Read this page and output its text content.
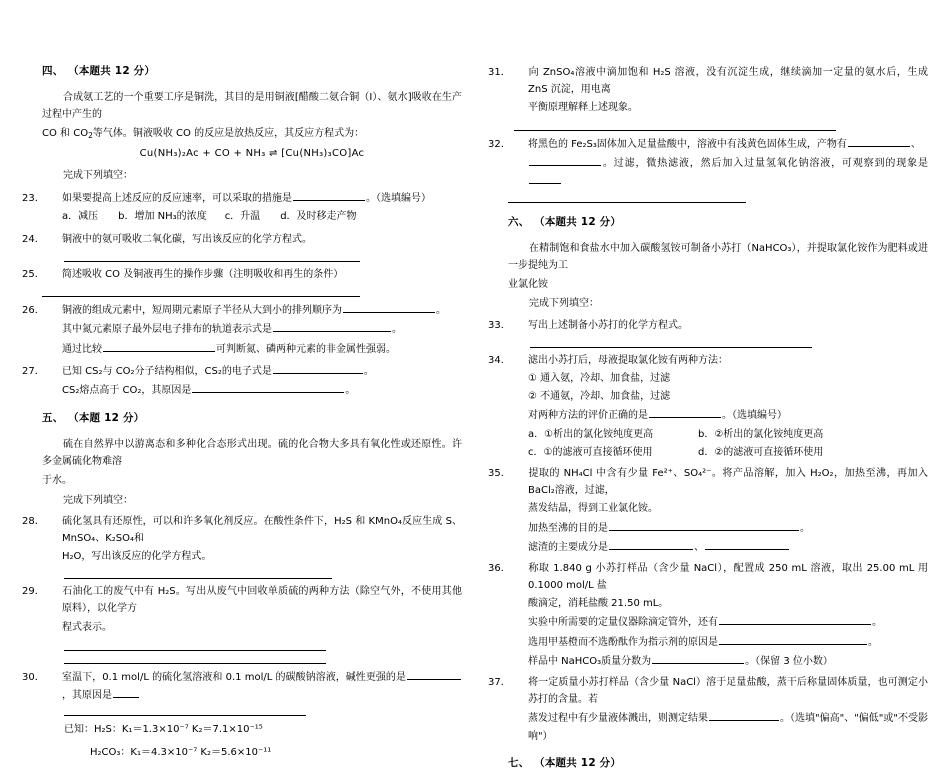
四、 （本题共 12 分）

合成氨工艺的一个重要工序是铜洗，其目的是用铜液[醋酸二氨合铜（Ⅰ）、氨水]吸收在生产过程中产生的

CO 和 $CO_2$等气体。铜液吸收 CO 的反应是放热反应，其反应方程式为：

Cu(NH₃)₂Ac + CO + NH₃ ⇌ [Cu(NH₃)₃CO]Ac

完成下列填空：

23． 如果要提高上述反应的反应速率，可以采取的措施是	。（选填编号）

a．减压 b．增加 NH₃的浓度 c．升温 d．及时移走产物

24． 铜液中的氨可吸收二氧化碳，写出该反应的化学方程式。

25． 简述吸收 CO 及铜液再生的操作步骤（注明吸收和再生的条件）

26． 铜液的组成元素中，短周期元素原子半径从大到小的排列顺序为	。

其中氮元素原子最外层电子排布的轨道表示式是	。

通过比较	可判断氮、磷两种元素的非金属性强弱。

27． 已知 CS₂与 CO₂分子结构相似，CS₂的电子式是	。

CS₂熔点高于 CO₂，其原因是	。

五、 （本题 12 分）

硫在自然界中以游离态和多种化合态形式出现。硫的化合物大多具有氧化性或还原性。许多金属硫化物难溶

于水。

完成下列填空：

28． 硫化氢具有还原性，可以和许多氧化剂反应。在酸性条件下，H₂S 和 KMnO₄反应生成 S、MnSO₄、K₂SO₄和

H₂O，写出该反应的化学方程式。

29． 石油化工的废气中有 H₂S。写出从废气中回收单质硫的两种方法（除空气外，不使用其他原料），以化学方

程式表示。

30． 室温下，0.1 mol/L 的硫化氢溶液和 0.1 mol/L 的碳酸钠溶液，碱性更强的是，其原因是

已知：H₂S：K₁＝1.3×10⁻⁷ K₂＝7.1×10⁻¹⁵

H₂CO₃：K₁＝4.3×10⁻⁷ K₂＝5.6×10⁻¹¹

31． 向 ZnSO₄溶液中滴加饱和 H₂S 溶液，没有沉淀生成，继续滴加一定量的氨水后，生成 ZnS 沉淀，用电离

平衡原理解释上述现象。

32． 将黑色的 Fe₂S₃固体加入足量盐酸中，溶液中有浅黄色固体生成，产物有	、

。过滤，微热滤液，然后加入过量氢氧化钠溶液，可观察到的现象是

六、 （本题共 12 分）

在精制饱和食盐水中加入碳酸氢铵可制备小苏打（NaHCO₃），并提取氯化铵作为肥料或进一步提纯为工

业氯化铵

完成下列填空：

33． 写出上述制备小苏打的化学方程式。

34． 滤出小苏打后，母液提取氯化铵有两种方法：

① 通入氨，冷却、加食盐，过滤

② 不通氨，冷却、加食盐，过滤

对两种方法的评价正确的是	。（选填编号）

a．①析出的氯化铵纯度更高	b．②析出的氯化铵纯度更高

c．①的滤液可直接循环使用	d．②的滤液可直接循环使用

35． 提取的 NH₄Cl 中含有少量 Fe²⁺、SO₄²⁻。将产品溶解，加入 H₂O₂，加热至沸，再加入 BaCl₂溶液，过滤，

蒸发结晶，得到工业氯化铵。

加热至沸的目的是	。

滤渣的主要成分是	、

36． 称取 1.840 g 小苏打样品（含少量 NaCl），配置成 250 mL 溶液，取出 25.00 mL 用 0.1000 mol/L 盐

酸滴定，消耗盐酸 21.50 mL。

实验中所需要的定量仪器除滴定管外，还有	。

选用甲基橙而不选酚酞作为指示剂的原因是	。

样品中 NaHCO₃质量分数为	。（保留 3 位小数）

37． 将一定质量小苏打样品（含少量 NaCl）溶于足量盐酸，蒸干后称量固体质量，也可测定小苏打的含量。若

蒸发过程中有少量液体溅出，则测定结果	。（选填"偏高"、"偏低"或"不受影响"）

七、 （本题共 12 分）
